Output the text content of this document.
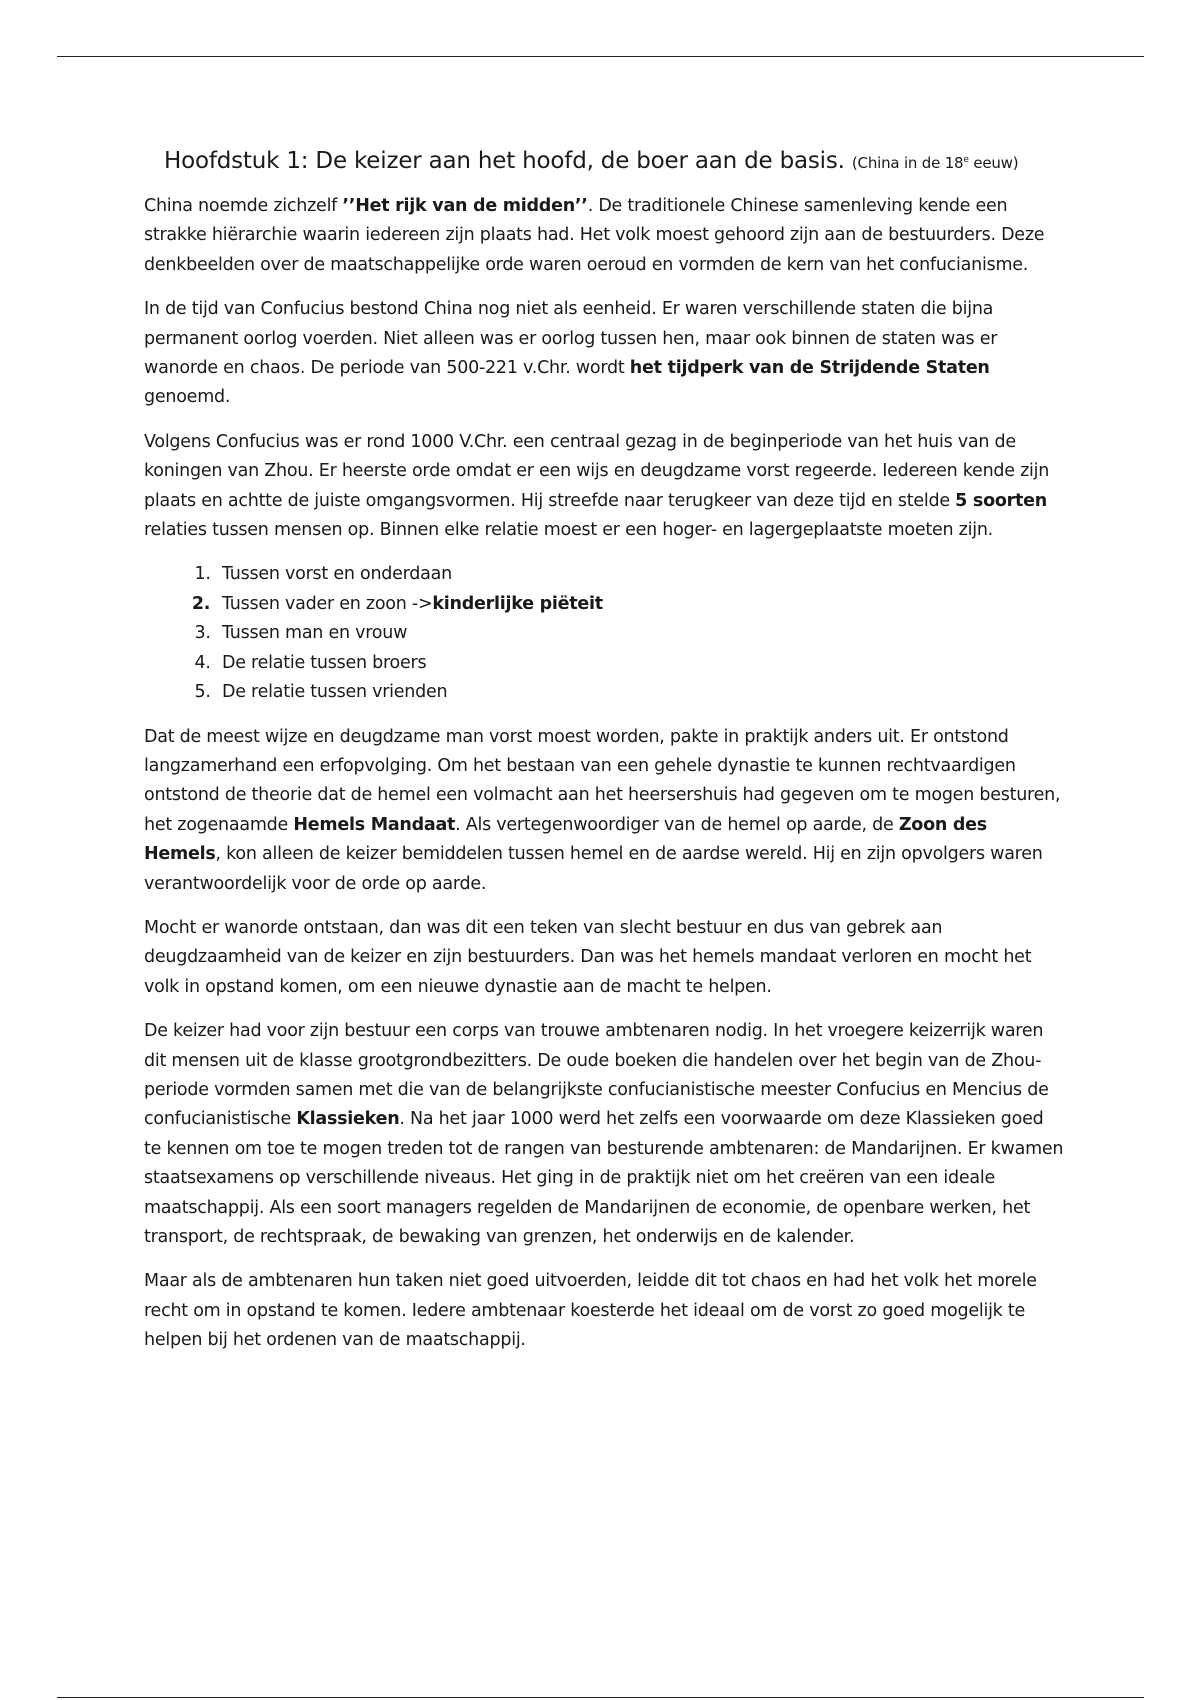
Hoofdstuk 1: De keizer aan het hoofd, de boer aan de basis. (China in de 18e eeuw)

China noemde zichzelf ’’Het rijk van de midden’’. De traditionele Chinese samenleving kende een strakke hiërarchie waarin iedereen zijn plaats had. Het volk moest gehoord zijn aan de bestuurders. Deze denkbeelden over de maatschappelijke orde waren oeroud en vormden de kern van het confucianisme.

In de tijd van Confucius bestond China nog niet als eenheid. Er waren verschillende staten die bijna permanent oorlog voerden. Niet alleen was er oorlog tussen hen, maar ook binnen de staten was er wanorde en chaos. De periode van 500-221 v.Chr. wordt het tijdperk van de Strijdende Staten genoemd.

Volgens Confucius was er rond 1000 V.Chr. een centraal gezag in de beginperiode van het huis van de koningen van Zhou. Er heerste orde omdat er een wijs en deugdzame vorst regeerde. Iedereen kende zijn plaats en achtte de juiste omgangsvormen. Hij streefde naar terugkeer van deze tijd en stelde 5 soorten relaties tussen mensen op. Binnen elke relatie moest er een hoger- en lagergeplaatste moeten zijn.

1. Tussen vorst en onderdaan
2. Tussen vader en zoon ->kinderlijke piëteit
3. Tussen man en vrouw
4. De relatie tussen broers
5. De relatie tussen vrienden

Dat de meest wijze en deugdzame man vorst moest worden, pakte in praktijk anders uit. Er ontstond langzamerhand een erfopvolging. Om het bestaan van een gehele dynastie te kunnen rechtvaardigen ontstond de theorie dat de hemel een volmacht aan het heersershuis had gegeven om te mogen besturen, het zogenaamde Hemels Mandaat. Als vertegenwoordiger van de hemel op aarde, de Zoon des Hemels, kon alleen de keizer bemiddelen tussen hemel en de aardse wereld. Hij en zijn opvolgers waren verantwoordelijk voor de orde op aarde.

Mocht er wanorde ontstaan, dan was dit een teken van slecht bestuur en dus van gebrek aan deugdzaamheid van de keizer en zijn bestuurders. Dan was het hemels mandaat verloren en mocht het volk in opstand komen, om een nieuwe dynastie aan de macht te helpen.

De keizer had voor zijn bestuur een corps van trouwe ambtenaren nodig. In het vroegere keizerrijk waren dit mensen uit de klasse grootgrondbezitters. De oude boeken die handelen over het begin van de Zhou-periode vormden samen met die van de belangrijkste confucianistische meester Confucius en Mencius de confucianistische Klassieken. Na het jaar 1000 werd het zelfs een voorwaarde om deze Klassieken goed te kennen om toe te mogen treden tot de rangen van besturende ambtenaren: de Mandarijnen. Er kwamen staatsexamens op verschillende niveaus. Het ging in de praktijk niet om het creëren van een ideale maatschappij. Als een soort managers regelden de Mandarijnen de economie, de openbare werken, het transport, de rechtspraak, de bewaking van grenzen, het onderwijs en de kalender.

Maar als de ambtenaren hun taken niet goed uitvoerden, leidde dit tot chaos en had het volk het morele recht om in opstand te komen. Iedere ambtenaar koesterde het ideaal om de vorst zo goed mogelijk te helpen bij het ordenen van de maatschappij.
